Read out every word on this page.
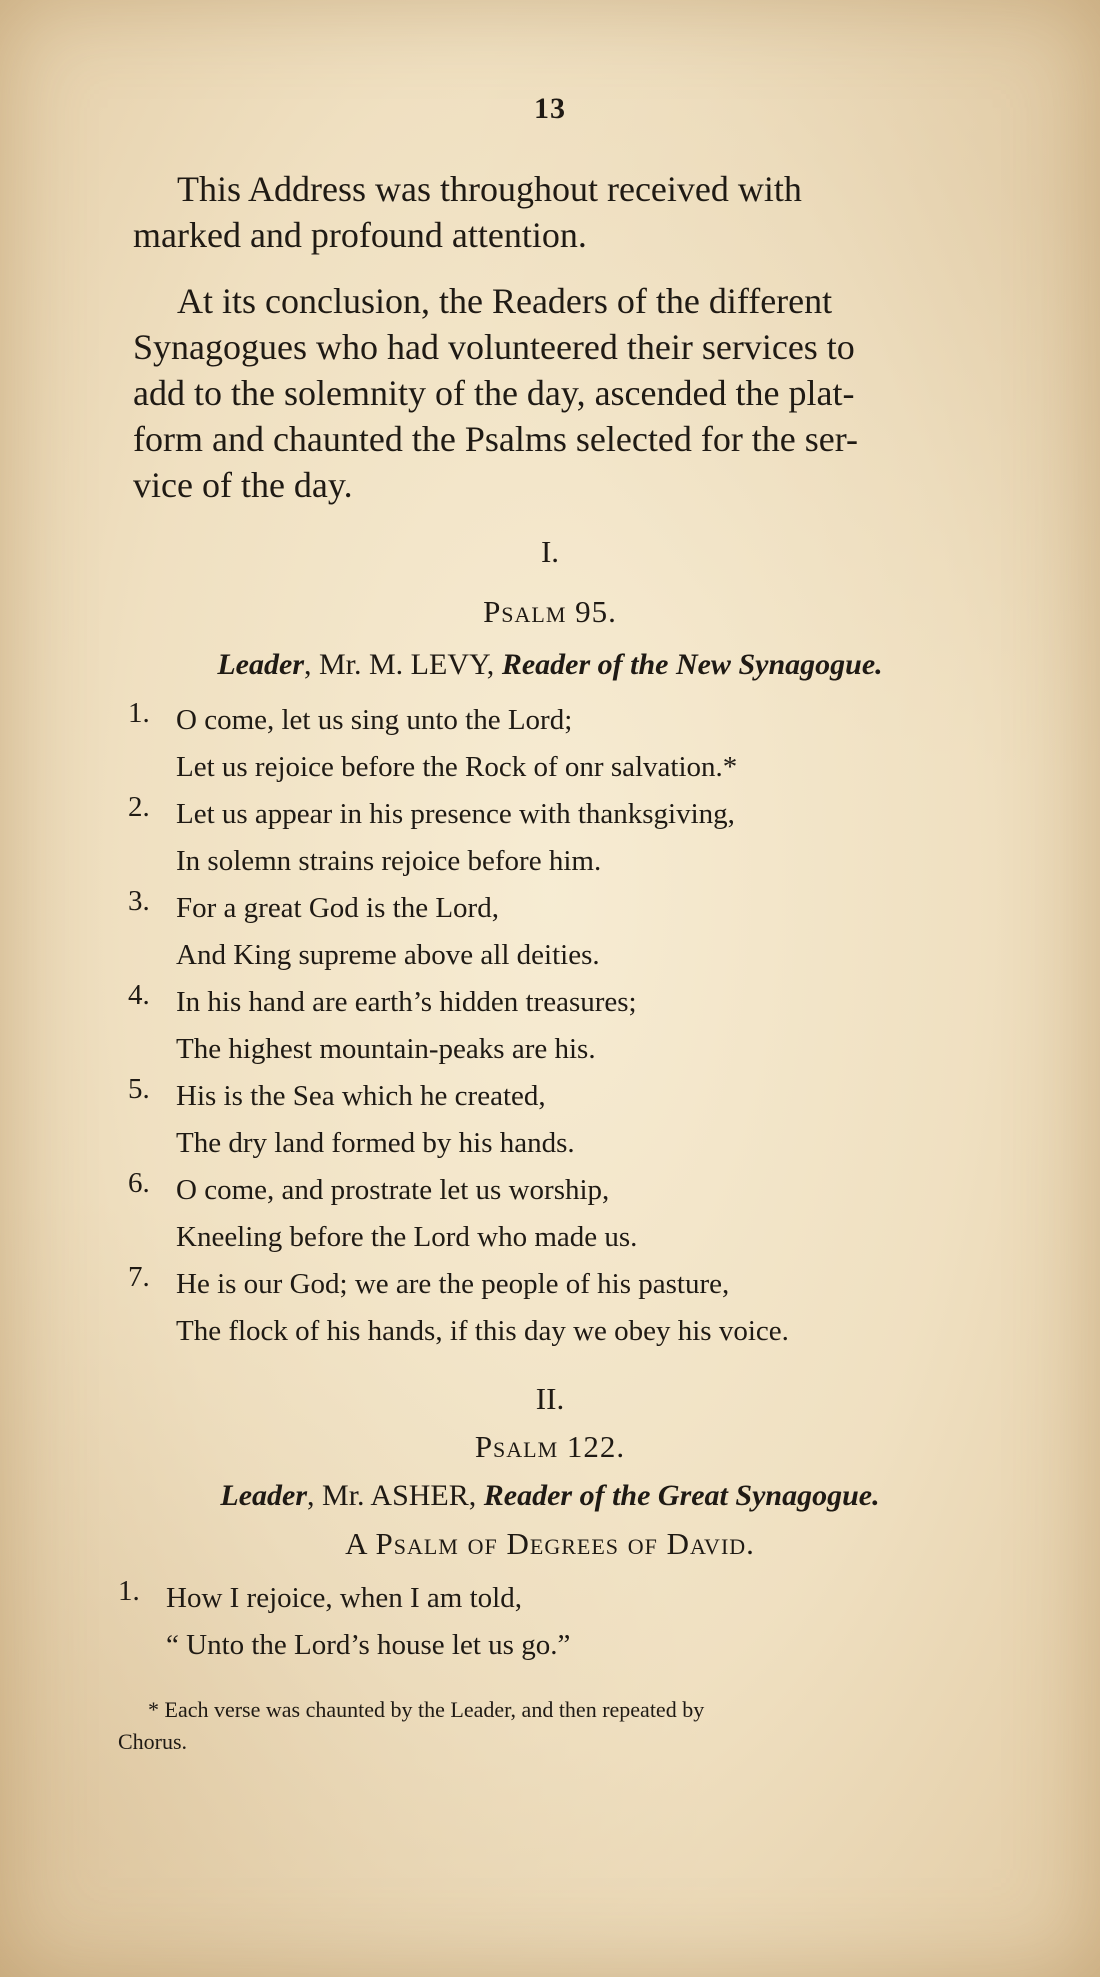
13

This Address was throughout received with
marked and profound attention.

At its conclusion, the Readers of the different
Synagogues who had volunteered their services to
add to the solemnity of the day, ascended the plat-
form and chaunted the Psalms selected for the ser-
vice of the day.

I.
Psalm 95.
Leader, Mr. M. LEVY, Reader of the New Synagogue.
1. O come, let us sing unto the Lord;
Let us rejoice before the Rock of onr salvation.*
2. Let us appear in his presence with thanksgiving,
In solemn strains rejoice before him.
3. For a great God is the Lord,
And King supreme above all deities.
4. In his hand are earth’s hidden treasures;
The highest mountain-peaks are his.
5. His is the Sea which he created,
The dry land formed by his hands.
6. O come, and prostrate let us worship,
Kneeling before the Lord who made us.
7. He is our God; we are the people of his pasture,
The flock of his hands, if this day we obey his voice.
II.
Psalm 122.
Leader, Mr. ASHER, Reader of the Great Synagogue.
A Psalm of Degrees of David.
1. How I rejoice, when I am told,
“ Unto the Lord’s house let us go.”
* Each verse was chaunted by the Leader, and then repeated by
Chorus.
